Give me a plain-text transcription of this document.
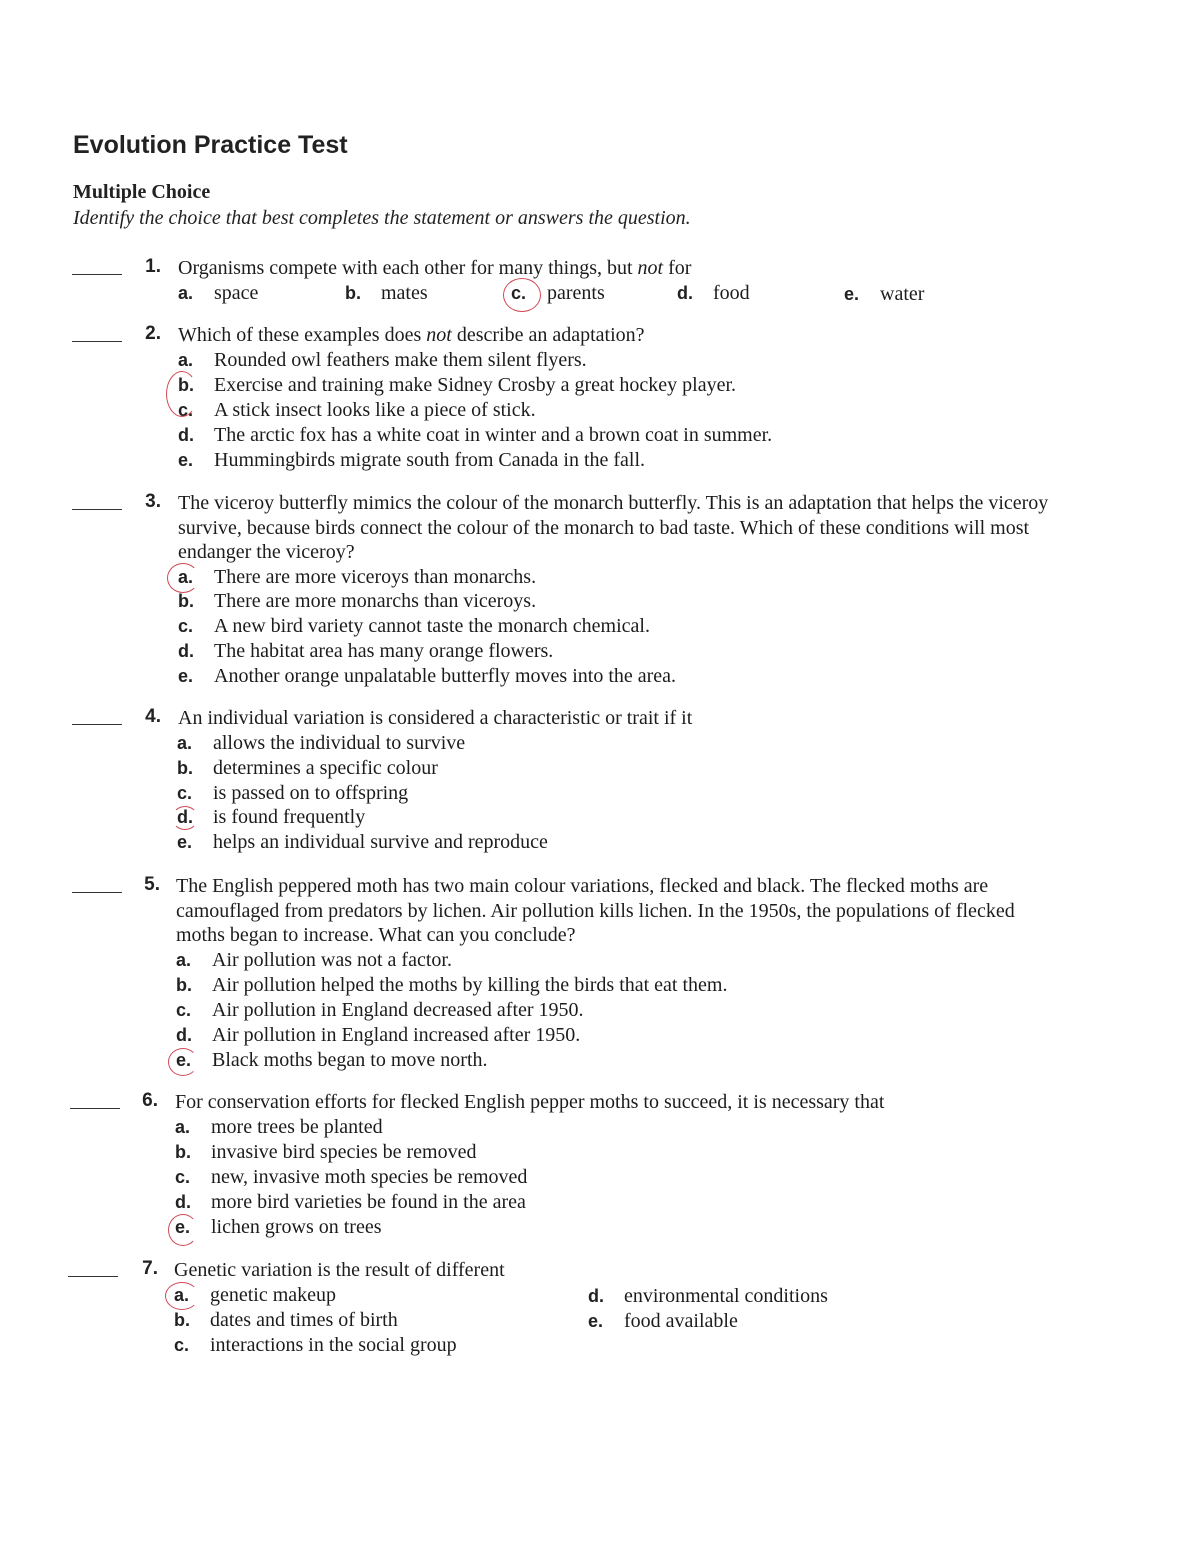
Evolution Practice Test
Multiple Choice
Identify the choice that best completes the statement or answers the question.
1. Organisms compete with each other for many things, but not for
a. space	b. mates	c. parents	d. food	e. water
2. Which of these examples does not describe an adaptation?
a. Rounded owl feathers make them silent flyers.
b. Exercise and training make Sidney Crosby a great hockey player.
c. A stick insect looks like a piece of stick.
d. The arctic fox has a white coat in winter and a brown coat in summer.
e. Hummingbirds migrate south from Canada in the fall.
3. The viceroy butterfly mimics the colour of the monarch butterfly. This is an adaptation that helps the viceroy
survive, because birds connect the colour of the monarch to bad taste. Which of these conditions will most
endanger the viceroy?
a. There are more viceroys than monarchs.
b. There are more monarchs than viceroys.
c. A new bird variety cannot taste the monarch chemical.
d. The habitat area has many orange flowers.
e. Another orange unpalatable butterfly moves into the area.
4. An individual variation is considered a characteristic or trait if it
a. allows the individual to survive
b. determines a specific colour
c. is passed on to offspring
d. is found frequently
e. helps an individual survive and reproduce
5. The English peppered moth has two main colour variations, flecked and black. The flecked moths are
camouflaged from predators by lichen. Air pollution kills lichen. In the 1950s, the populations of flecked
moths began to increase. What can you conclude?
a. Air pollution was not a factor.
b. Air pollution helped the moths by killing the birds that eat them.
c. Air pollution in England decreased after 1950.
d. Air pollution in England increased after 1950.
e. Black moths began to move north.
6. For conservation efforts for flecked English pepper moths to succeed, it is necessary that
a. more trees be planted
b. invasive bird species be removed
c. new, invasive moth species be removed
d. more bird varieties be found in the area
e. lichen grows on trees
7. Genetic variation is the result of different
a. genetic makeup
b. dates and times of birth
c. interactions in the social group
d. environmental conditions
e. food available
